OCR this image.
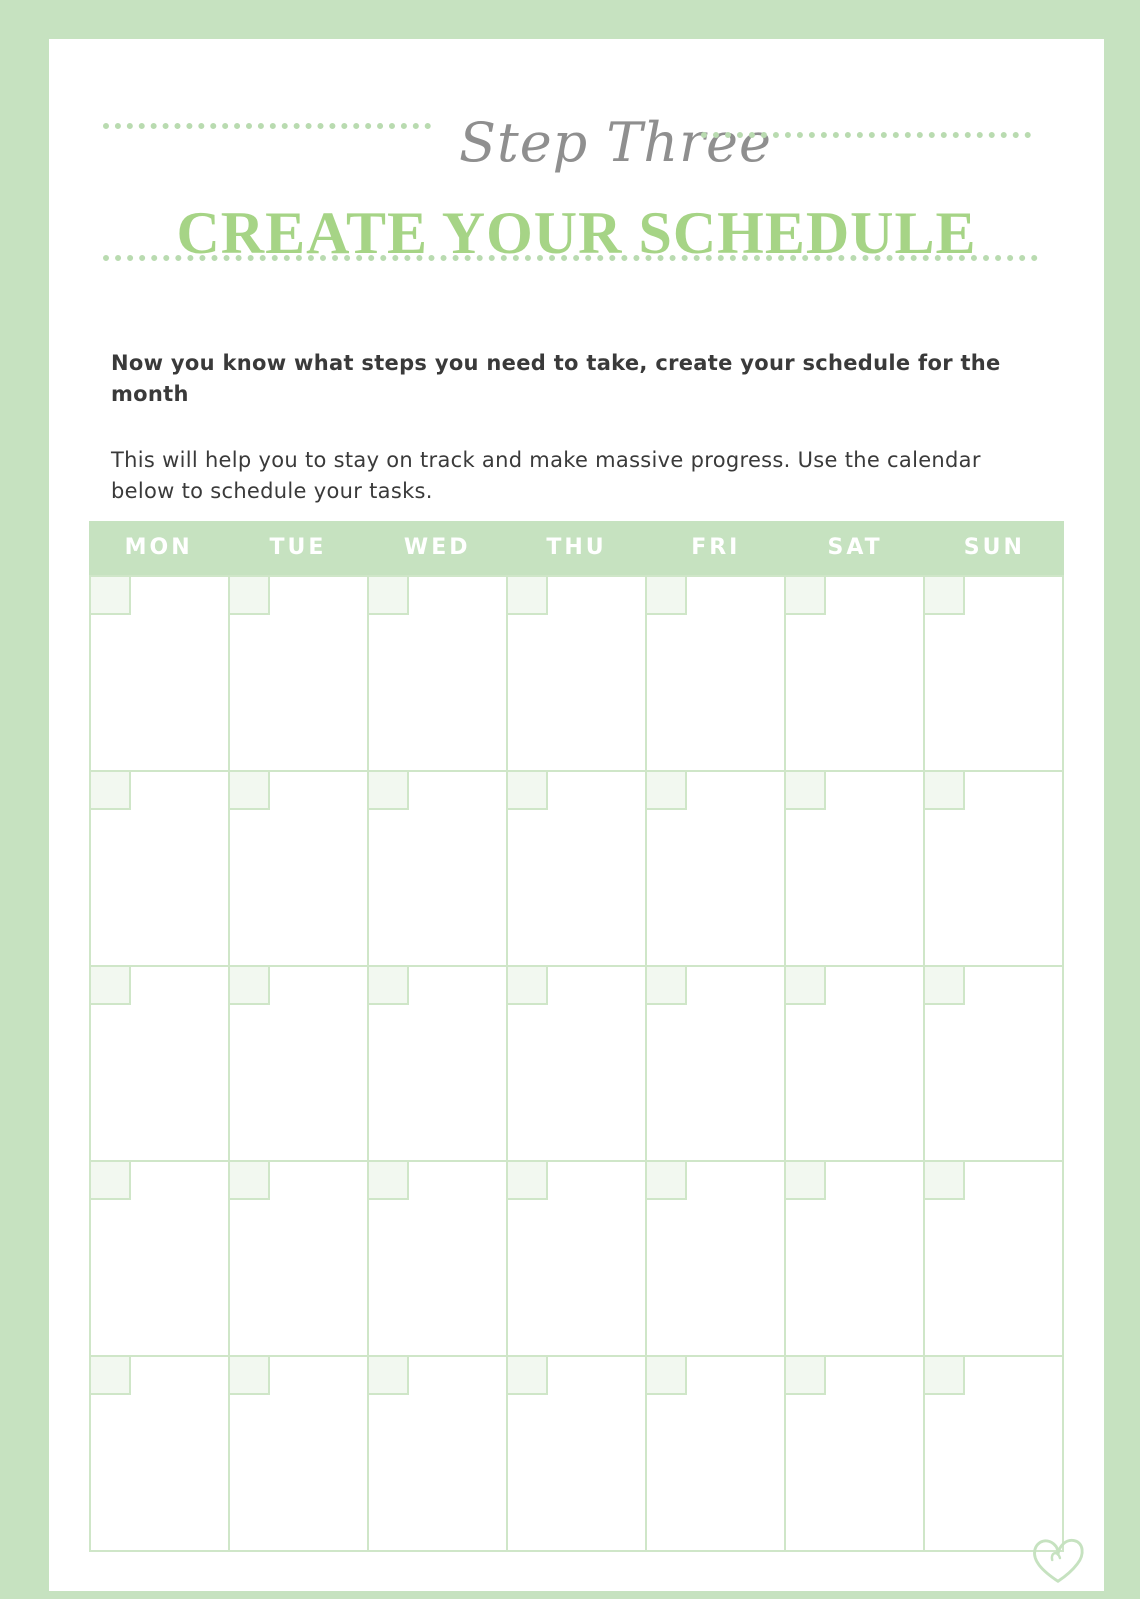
Step Three
CREATE YOUR SCHEDULE
Now you know what steps you need to take, create your schedule for the month
This will help you to stay on track and make massive progress. Use the calendar below to schedule your tasks.
MON	TUE	WED	THU	FRI	SAT	SUN
